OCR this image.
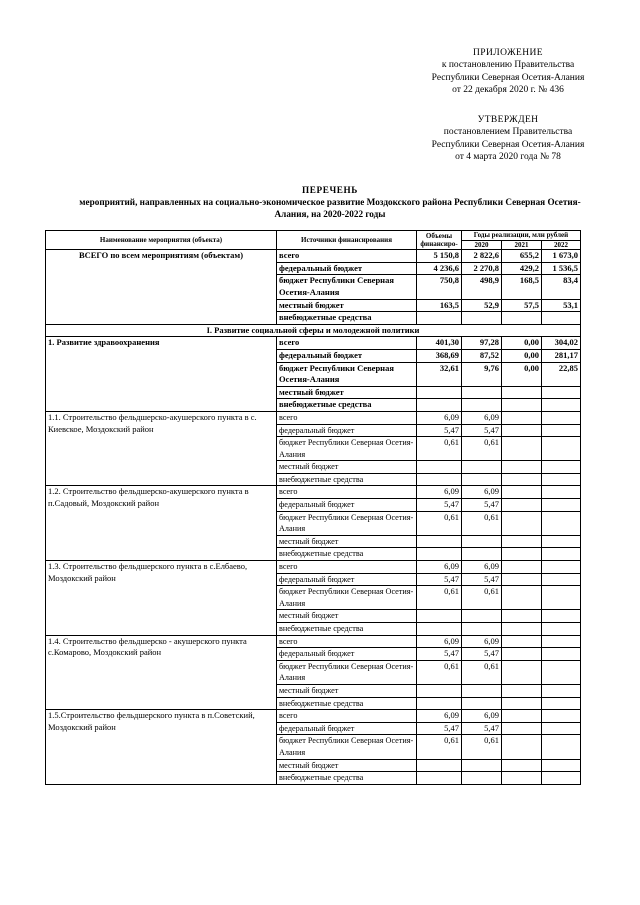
ПРИЛОЖЕНИЕ
к постановлению Правительства
Республики Северная Осетия-Алания
от 22 декабря 2020 г. № 436
УТВЕРЖДЕН
постановлением Правительства
Республики Северная Осетия-Алания
от 4 марта 2020 года № 78
ПЕРЕЧЕНЬ
мероприятий, направленных на социально-экономическое развитие Моздокского района Республики Северная Осетия-
Алания, на 2020-2022 годы
Наименование мероприятия (объекта)	Источники финансирования	Объемы финансиро-	Годы реализации, млн рублей		
			2020	2021	2022
ВСЕГО по всем мероприятиям (объектам)	всего	5 150,8	2 822,6	655,2	1 673,0
	федеральный бюджет	4 236,6	2 270,8	429,2	1 536,5
	бюджет Республики Северная Осетия-Алания	750,8	498,9	168,5	83,4
	местный бюджет	163,5	52,9	57,5	53,1
	внебюджетные средства				
I. Развитие социальной сферы и молодежной политики					
1. Развитие здравоохранения	всего	401,30	97,28	0,00	304,02
	федеральный бюджет	368,69	87,52	0,00	281,17
	бюджет Республики Северная Осетия-Алания	32,61	9,76	0,00	22,85
	местный бюджет				
	внебюджетные средства				
1.1. Строительство фельдшерско-акушерского пункта в с. Киевское, Моздокский район	всего	6,09	6,09		
	федеральный бюджет	5,47	5,47		
	бюджет Республики Северная Осетия-Алания	0,61	0,61		
	местный бюджет				
	внебюджетные средства				
1.2. Строительство фельдшерско-акушерского пункта в п.Садовый, Моздокский район	всего	6,09	6,09		
	федеральный бюджет	5,47	5,47		
	бюджет Республики Северная Осетия-Алания	0,61	0,61		
	местный бюджет				
	внебюджетные средства				
1.3. Строительство фельдшерского пункта в с.Елбаево, Моздокский район	всего	6,09	6,09		
	федеральный бюджет	5,47	5,47		
	бюджет Республики Северная Осетия-Алания	0,61	0,61		
	местный бюджет				
	внебюджетные средства				
1.4. Строительство фельдшерско - акушерского пункта с.Комарово, Моздокский район	всего	6,09	6,09		
	федеральный бюджет	5,47	5,47		
	бюджет Республики Северная Осетия-Алания	0,61	0,61		
	местный бюджет				
	внебюджетные средства				
1.5.Строительство фельдшерского пункта в п.Советский, Моздокский район	всего	6,09	6,09		
	федеральный бюджет	5,47	5,47		
	бюджет Республики Северная Осетия-Алания	0,61	0,61		
	местный бюджет				
	внебюджетные средства				
